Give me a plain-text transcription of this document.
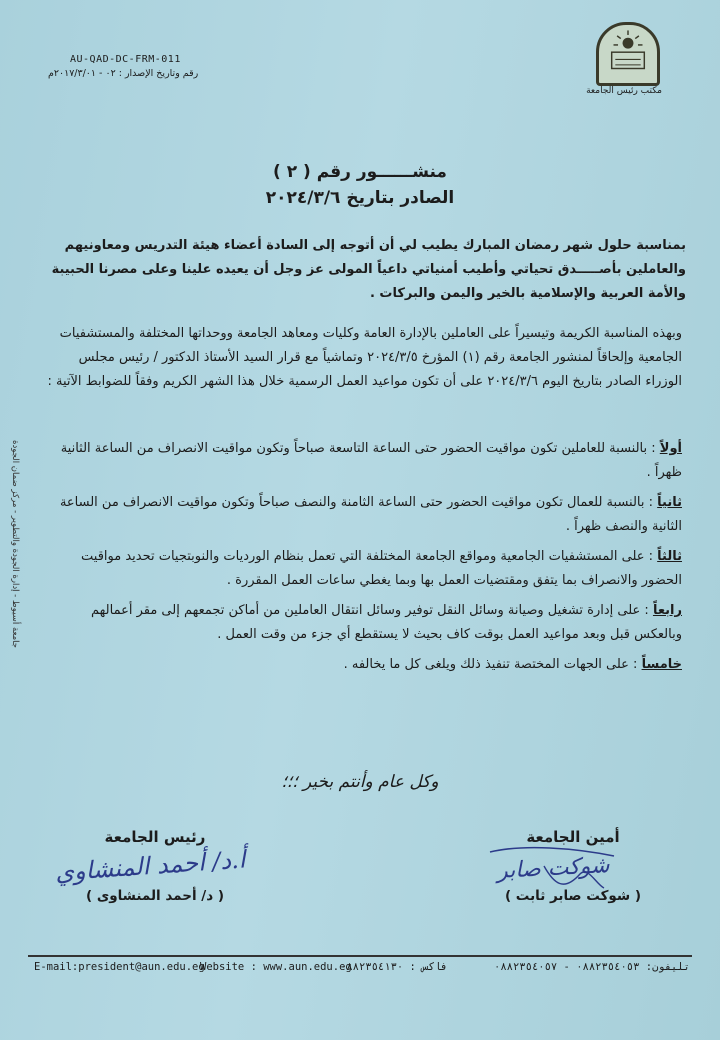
مكتب رئيس الجامعة
AU-QAD-DC-FRM-011
رقم وتاريخ الإصدار : ٠٢ - ٢٠١٧/٣/٠١م
منشــــــور رقم ( ٢ )
الصادر بتاريخ ٢٠٢٤/٣/٦
بمناسبة حلول شهر رمضان المبارك يطيب لي أن أتوجه إلى السادة أعضاء هيئة التدريس ومعاونيهم والعاملين بأصـــــدق تحياتي وأطيب أمنياتي داعياً المولى عز وجل أن يعيده علينا وعلى مصرنا الحبيبة والأمة العربية والإسلامية بالخير واليمن والبركات .
وبهذه المناسبة الكريمة وتيسيراً على العاملين بالإدارة العامة وكليات ومعاهد الجامعة ووحداتها المختلفة والمستشفيات الجامعية وإلحاقاً لمنشور الجامعة رقم (١) المؤرخ ٢٠٢٤/٣/٥ وتماشياً مع قرار السيد الأستاذ الدكتور / رئيس مجلس الوزراء الصادر بتاريخ اليوم ٢٠٢٤/٣/٦ على أن تكون مواعيد العمل الرسمية خلال هذا الشهر الكريم وفقاً للضوابط الآتية :
أولاً : بالنسبة للعاملين تكون مواقيت الحضور حتى الساعة التاسعة صباحاً وتكون مواقيت الانصراف من الساعة الثانية ظهراً .
ثانياً : بالنسبة للعمال تكون مواقيت الحضور حتى الساعة الثامنة والنصف صباحاً وتكون مواقيت الانصراف من الساعة الثانية والنصف ظهراً .
ثالثاً : على المستشفيات الجامعية ومواقع الجامعة المختلفة التي تعمل بنظام الورديات والنوبتجيات تحديد مواقيت الحضور والانصراف بما يتفق ومقتضيات العمل بها وبما يغطي ساعات العمل المقررة .
رابعاً : على إدارة تشغيل وصيانة وسائل النقل توفير وسائل انتقال العاملين من أماكن تجمعهم إلى مقر أعمالهم وبالعكس قبل وبعد مواعيد العمل بوقت كاف بحيث لا يستقطع أي جزء من وقت العمل .
خامساً : على الجهات المختصة تنفيذ ذلك ويلغى كل ما يخالفه .
وكل عام وأنتم بخير ؛؛؛
رئيس الجامعة
( د/ أحمد المنشاوى )
أ.د/ أحمد المنشاوي
أمين الجامعة
( شوكت صابر ثابت )
شوكت صابر
جامعة أسيوط - إدارة الجودة والتطوير - مركز ضمان الجودة
E-mail:president@aun.edu.eg
Website : www.aun.edu.eg
فاكس : ٠٨٨٢٣٥٤١٣٠	تليفون: ٠٨٨٢٣٥٤٠٥٣ - ٠٨٨٢٣٥٤٠٥٧
